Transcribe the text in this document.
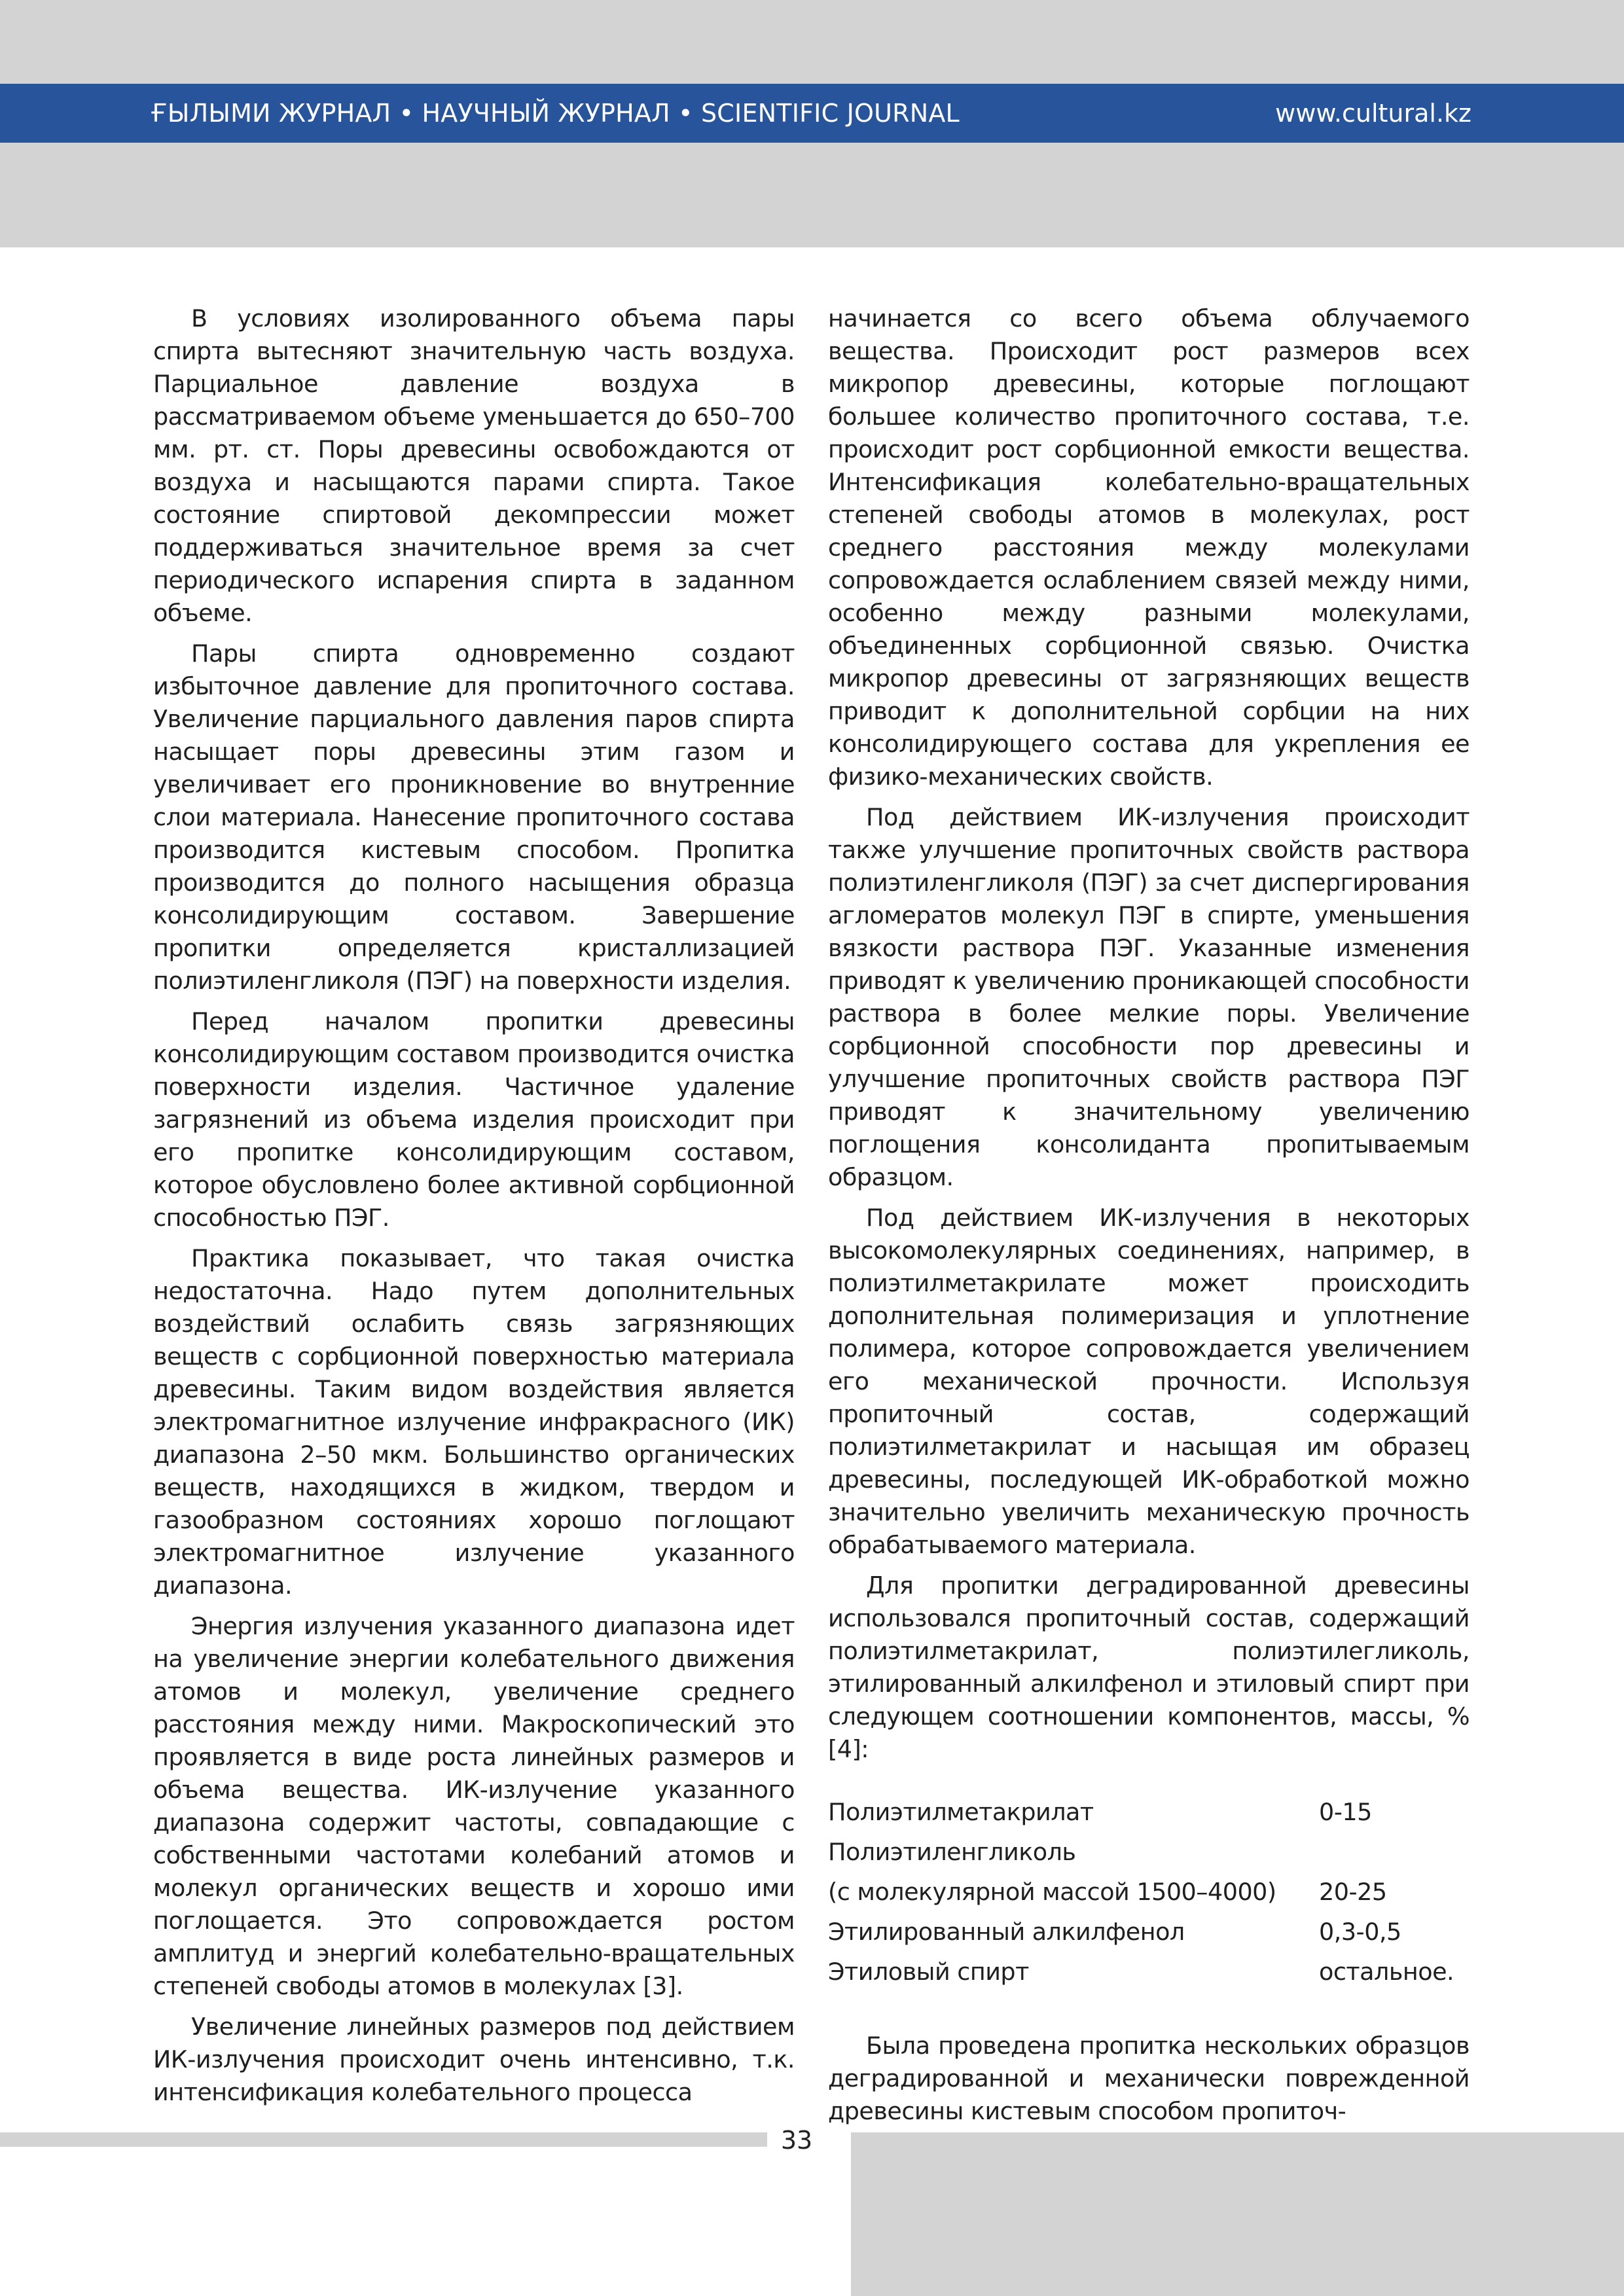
ҒЫЛЫМИ ЖУРНАЛ • НАУЧНЫЙ ЖУРНАЛ • SCIENTIFIC JOURNAL	www.cultural.kz

В условиях изолированного объема пары спирта вытесняют значительную часть воздуха. Парциальное давление воздуха в рассматриваемом объеме уменьшается до 650–700 мм. рт. ст. Поры древесины освобождаются от воздуха и насыщаются парами спирта. Такое состояние спиртовой декомпрессии может поддерживаться значительное время за счет периодического испарения спирта в заданном объеме.

Пары спирта одновременно создают избыточное давление для пропиточного состава. Увеличение парциального давления паров спирта насыщает поры древесины этим газом и увеличивает его проникновение во внутренние слои материала. Нанесение пропиточного состава производится кистевым способом. Пропитка производится до полного насыщения образца консолидирующим составом. Завершение пропитки определяется кристаллизацией полиэтиленгликоля (ПЭГ) на поверхности изделия.

Перед началом пропитки древесины консолидирующим составом производится очистка поверхности изделия. Частичное удаление загрязнений из объема изделия происходит при его пропитке консолидирующим составом, которое обусловлено более активной сорбционной способностью ПЭГ.

Практика показывает, что такая очистка недостаточна. Надо путем дополнительных воздействий ослабить связь загрязняющих веществ с сорбционной поверхностью материала древесины. Таким видом воздействия является электромагнитное излучение инфракрасного (ИК) диапазона 2–50 мкм. Большинство органических веществ, находящихся в жидком, твердом и газообразном состояниях хорошо поглощают электромагнитное излучение указанного диапазона.

Энергия излучения указанного диапазона идет на увеличение энергии колебательного движения атомов и молекул, увеличение среднего расстояния между ними. Макроскопический это проявляется в виде роста линейных размеров и объема вещества. ИК-излучение указанного диапазона содержит частоты, совпадающие с собственными частотами колебаний атомов и молекул органических веществ и хорошо ими поглощается. Это сопровождается ростом амплитуд и энергий колебательно-вращательных степеней свободы атомов в молекулах [3].

Увеличение линейных размеров под действием ИК-излучения происходит очень интенсивно, т.к. интенсификация колебательного процесса

начинается со всего объема облучаемого вещества. Происходит рост размеров всех микропор древесины, которые поглощают большее количество пропиточного состава, т.е. происходит рост сорбционной емкости вещества. Интенсификация колебательно-вращательных степеней свободы атомов в молекулах, рост среднего расстояния между молекулами сопровождается ослаблением связей между ними, особенно между разными молекулами, объединенных сорбционной связью. Очистка микропор древесины от загрязняющих веществ приводит к дополнительной сорбции на них консолидирующего состава для укрепления ее физико-механических свойств.

Под действием ИК-излучения происходит также улучшение пропиточных свойств раствора полиэтиленгликоля (ПЭГ) за счет диспергирования агломератов молекул ПЭГ в спирте, уменьшения вязкости раствора ПЭГ. Указанные изменения приводят к увеличению проникающей способности раствора в более мелкие поры. Увеличение сорбционной способности пор древесины и улучшение пропиточных свойств раствора ПЭГ приводят к значительному увеличению поглощения консолиданта пропитываемым образцом.

Под действием ИК-излучения в некоторых высокомолекулярных соединениях, например, в полиэтилметакрилате может происходить дополнительная полимеризация и уплотнение полимера, которое сопровождается увеличением его механической прочности. Используя пропиточный состав, содержащий полиэтилметакрилат и насыщая им образец древесины, последующей ИК-обработкой можно значительно увеличить механическую прочность обрабатываемого материала.

Для пропитки деградированной древесины использовался пропиточный состав, содержащий полиэтилметакрилат, полиэтилегликоль, этилированный алкилфенол и этиловый спирт при следующем соотношении компонентов, массы, % [4]:

Полиэтилметакрилат	0-15
Полиэтиленгликоль	
(с молекулярной массой 1500–4000)	20-25
Этилированный алкилфенол	0,3-0,5
Этиловый спирт	остальное.

Была проведена пропитка нескольких образцов деградированной и механически поврежденной древесины кистевым способом пропиточ-

33
